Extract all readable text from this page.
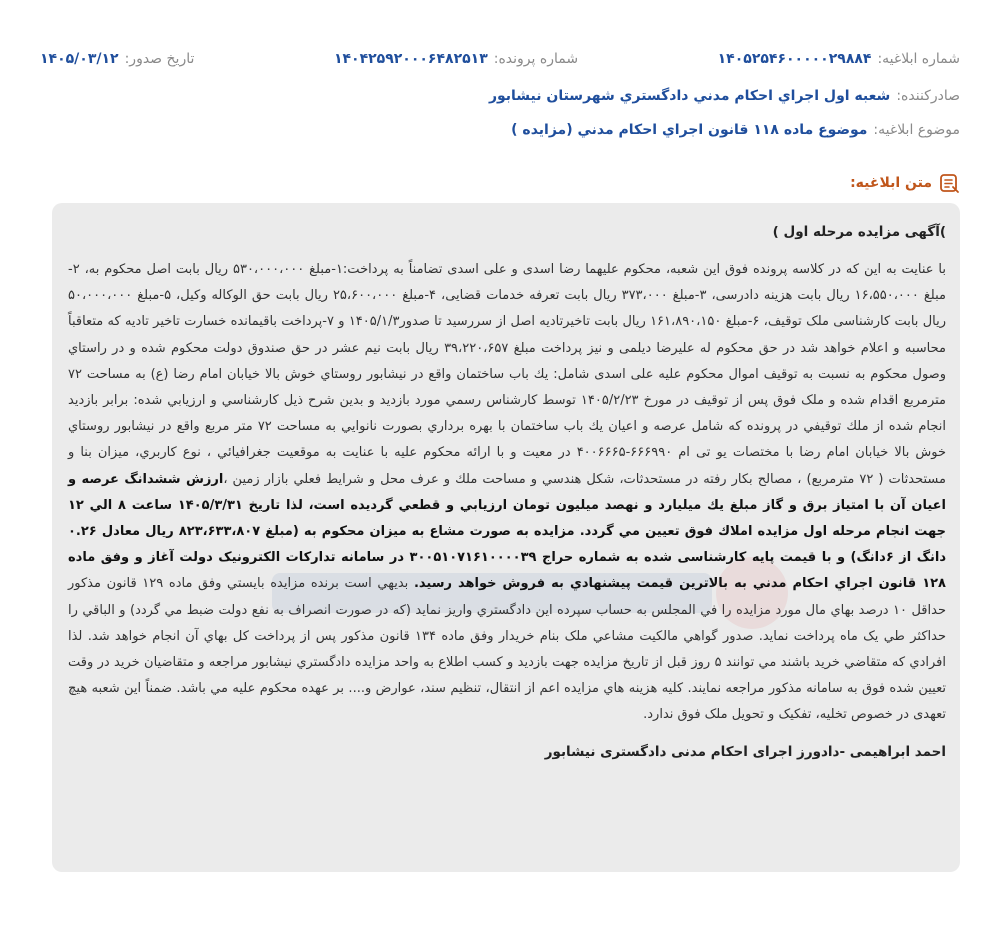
شماره ابلاغیه:
۱۴۰۵۲۵۴۶۰۰۰۰۰۲۹۸۸۴
شماره پرونده:
۱۴۰۴۲۵۹۲۰۰۰۶۴۸۲۵۱۳
تاریخ صدور:
۱۴۰۵/۰۳/۱۲
صادرکننده:
شعبه اول اجراي احكام مدني دادگستري شهرستان نيشابور
موضوع ابلاغیه:
موضوع ماده ۱۱۸ قانون اجراي احكام مدني (مزايده )
متن ابلاغیه:

)آگهی مزایده مرحله اول )

با عنايت به اين كه در كلاسه پرونده فوق اين شعبه، محکوم عليهما رضا اسدی و علی اسدی تضامناً به پرداخت:۱-مبلغ ۵۳۰،۰۰۰،۰۰۰ ريال بابت اصل محکوم به، ۲-مبلغ ۱۶،۵۵۰،۰۰۰ ريال بابت هزينه دادرسی، ۳-مبلغ ۳۷۳،۰۰۰ ريال بابت تعرفه خدمات قضايی، ۴-مبلغ ۲۵،۶۰۰،۰۰۰ ريال بابت حق الوكاله وكيل، ۵-مبلغ ۵۰،۰۰۰،۰۰۰ ريال بابت كارشناسی ملک توقيف، ۶-مبلغ ۱۶۱،۸۹۰،۱۵۰ ريال بابت تاخيرتاديه اصل از سررسيد تا صدور۱۴۰۵/۱/۳ و ۷-پرداخت باقيمانده خسارت تاخير تاديه که متعاقباً محاسبه و اعلام خواهد شد در حق محكوم له عليرضا ديلمی و نيز پرداخت مبلغ ۳۹،۲۲۰،۶۵۷ ريال بابت نيم عشر در حق صندوق دولت محكوم شده و در راستاي وصول محكوم به نسبت به توقيف اموال محكوم عليه علی اسدی شامل: يك باب ساختمان واقع در نيشابور روستاي خوش بالا خيابان امام رضا (ع) به مساحت ۷۲ مترمربع اقدام شده و ملک فوق پس از توقيف در مورخ ۱۴۰۵/۲/۲۳ توسط كارشناس رسمي مورد بازديد و بدين شرح ذيل كارشناسي و ارزيابي شده: برابر بازديد انجام شده از ملك توقيفي در پرونده كه شامل عرصه و اعيان يك باب ساختمان با بهره برداري بصورت نانوايي به مساحت ۷۲ متر مربع واقع در نيشابور روستاي خوش بالا خيابان امام رضا با مختصات يو تی ام ۶۶۶۹۹۰-۴۰۰۶۶۶۵ در معيت و با ارائه محكوم عليه با عنايت به موقعيت جغرافيائي ، نوع كاربري، ميزان بنا و مستحدثات ( ۷۲ مترمربع) ، مصالح بكار رفته در مستحدثات، شكل هندسي و مساحت ملك و عرف محل و شرايط فعلي بازار زمين ،ارزش ششدانگ عرصه و اعيان آن با امتياز برق و گاز مبلغ يك ميليارد و نهصد ميليون تومان ارزيابي و قطعي گرديده است، لذا تاريخ ۱۴۰۵/۳/۳۱ ساعت ۸ الي ۱۲ جهت انجام مرحله اول مزايده املاك فوق تعيين مي گردد. مزايده به صورت مشاع به ميزان محكوم به (مبلغ ۸۲۳،۶۳۳،۸۰۷ ريال معادل ۰.۲۶ دانگ از ۶دانگ) و با قيمت پايه كارشناسی شده به شماره حراج ۳۰۰۵۱۰۷۱۶۱۰۰۰۰۳۹ در سامانه تداركات الكترونيک دولت آغاز و وفق ماده ۱۲۸ قانون اجراي احكام مدني به بالاترين قيمت پيشنهادي به فروش خواهد رسيد. بديهي است برنده مزايده بايستي وفق ماده ۱۲۹ قانون مذكور حداقل ۱۰ درصد بهاي مال مورد مزايده را في المجلس به حساب سپرده اين دادگستري واريز نمايد (كه در صورت انصراف به نفع دولت ضبط مي گردد) و الباقي را حداكثر طي يک ماه پرداخت نمايد. صدور گواهي مالكيت مشاعي ملک بنام خريدار وفق ماده ۱۳۴ قانون مذكور پس از پرداخت كل بهاي آن انجام خواهد شد. لذا افرادي كه متقاضي خريد باشند مي توانند ۵ روز قبل از تاريخ مزايده جهت بازديد و كسب اطلاع به واحد مزايده دادگستري نيشابور مراجعه و متقاضيان خريد در وقت تعيين شده فوق به سامانه مذكور مراجعه نمايند. كليه هزينه هاي مزايده اعم از انتقال، تنظيم سند، عوارض و.... بر عهده محكوم عليه مي باشد. ضمناً اين شعبه هيچ تعهدی در خصوص تخليه، تفكيک و تحويل ملک فوق ندارد.

احمد ابراهیمی -دادورز اجرای احکام مدنی دادگستری نیشابور
